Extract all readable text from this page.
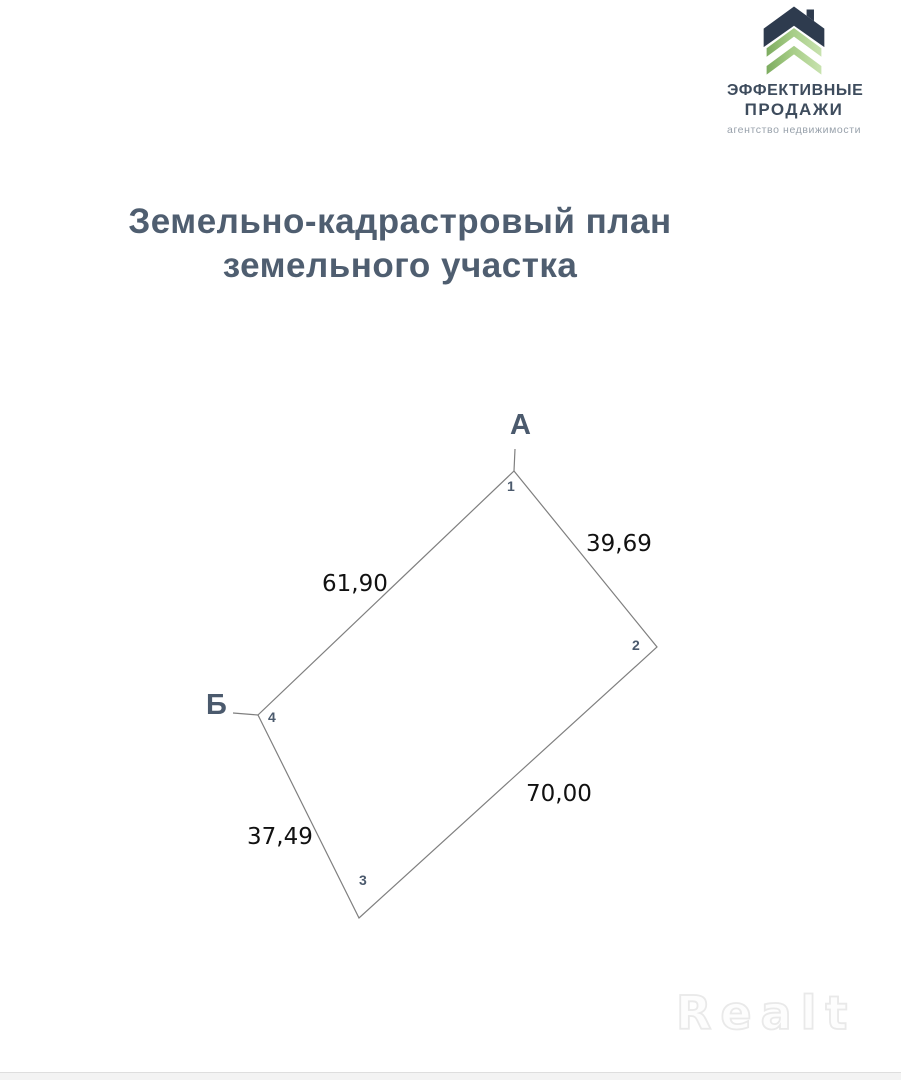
ЭФФЕКТИВНЫЕ
ПРОДАЖИ
агентство недвижимости
Земельно-кадрастровый план
земельного участка
А
Б
1
2
3
4
39,69
61,90
70,00
37,49
Realt
